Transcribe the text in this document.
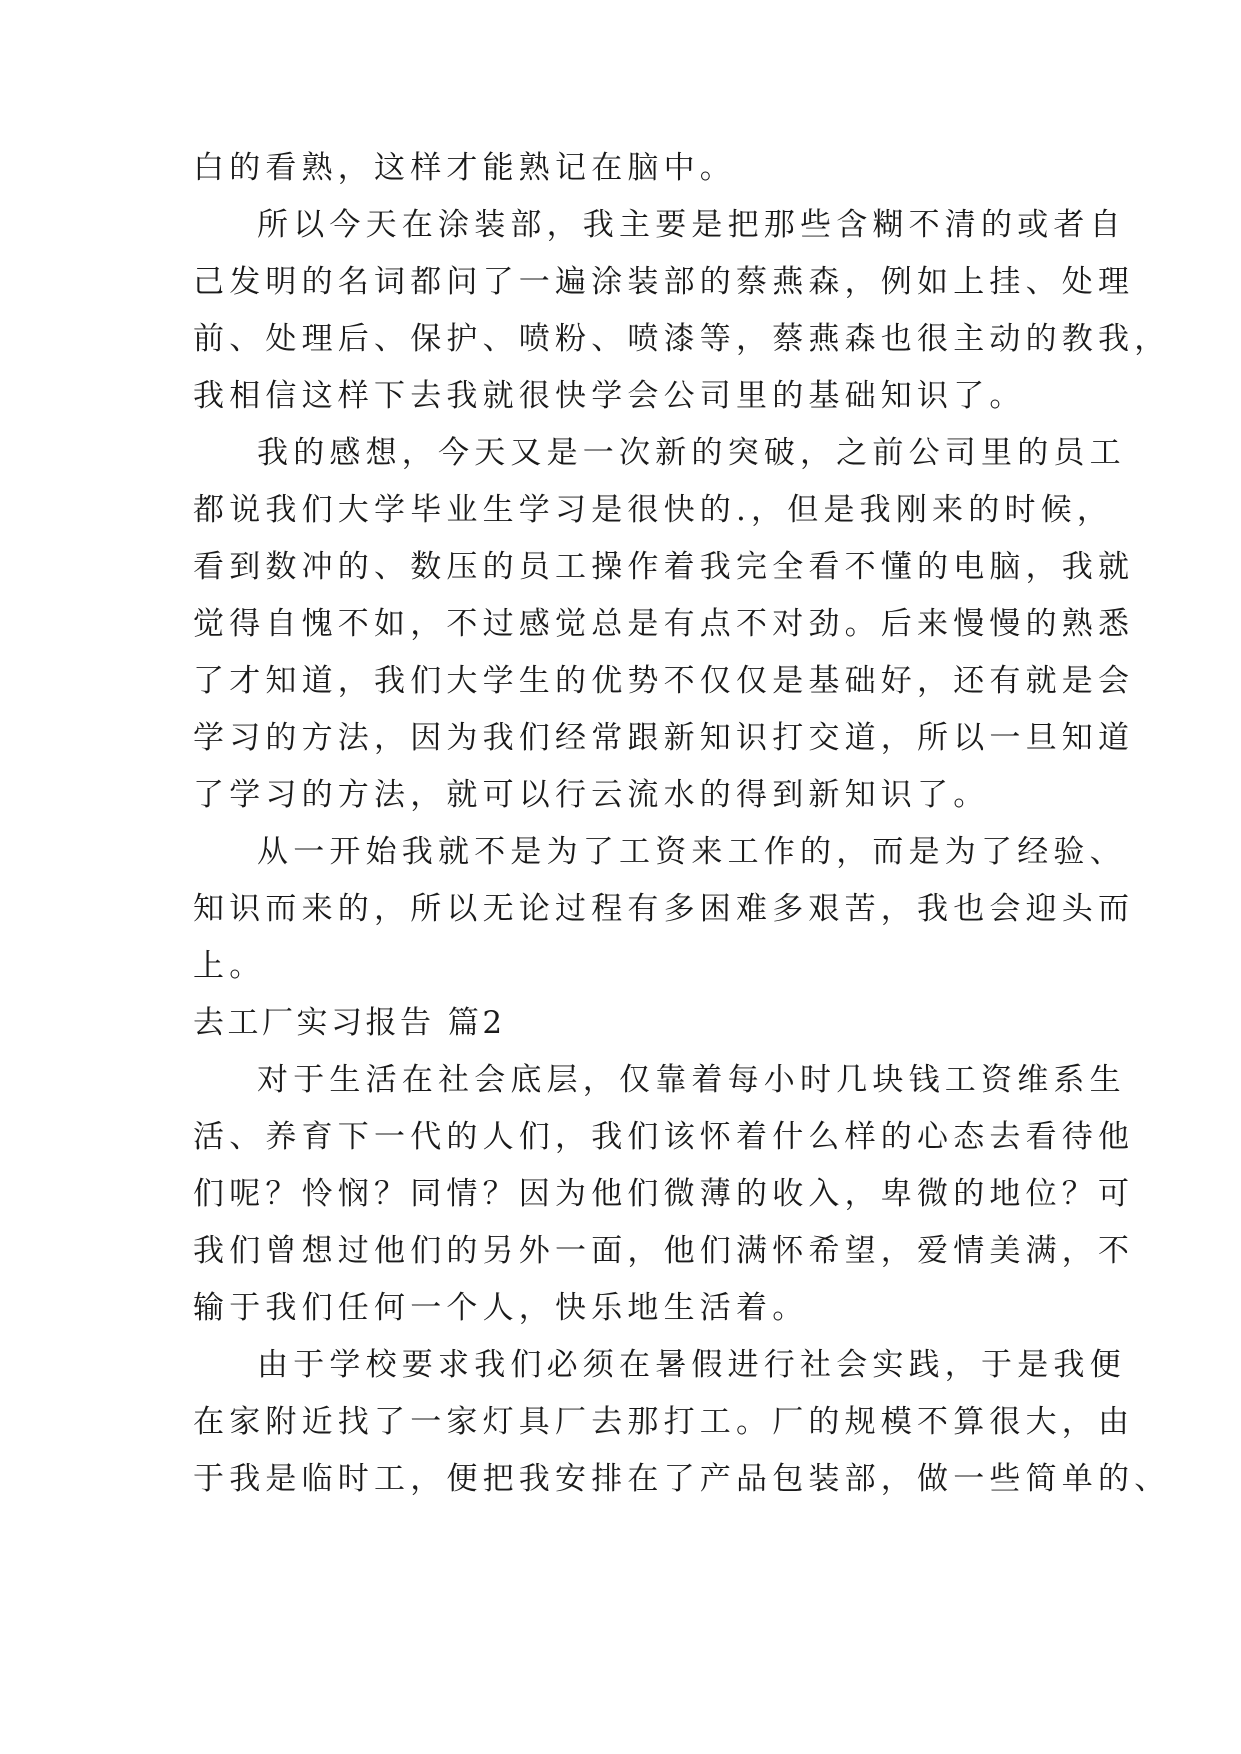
白的看熟，这样才能熟记在脑中。
所以今天在涂装部，我主要是把那些含糊不清的或者自
己发明的名词都问了一遍涂装部的蔡燕森，例如上挂、处理
前、处理后、保护、喷粉、喷漆等，蔡燕森也很主动的教我，
我相信这样下去我就很快学会公司里的基础知识了。
我的感想，今天又是一次新的突破，之前公司里的员工
都说我们大学毕业生学习是很快的.，但是我刚来的时候，
看到数冲的、数压的员工操作着我完全看不懂的电脑，我就
觉得自愧不如，不过感觉总是有点不对劲。后来慢慢的熟悉
了才知道，我们大学生的优势不仅仅是基础好，还有就是会
学习的方法，因为我们经常跟新知识打交道，所以一旦知道
了学习的方法，就可以行云流水的得到新知识了。
从一开始我就不是为了工资来工作的，而是为了经验、
知识而来的，所以无论过程有多困难多艰苦，我也会迎头而
上。
去工厂实习报告 篇2
对于生活在社会底层，仅靠着每小时几块钱工资维系生
活、养育下一代的人们，我们该怀着什么样的心态去看待他
们呢？怜悯？同情？因为他们微薄的收入，卑微的地位？可
我们曾想过他们的另外一面，他们满怀希望，爱情美满，不
输于我们任何一个人，快乐地生活着。
由于学校要求我们必须在暑假进行社会实践，于是我便
在家附近找了一家灯具厂去那打工。厂的规模不算很大，由
于我是临时工，便把我安排在了产品包装部，做一些简单的、
